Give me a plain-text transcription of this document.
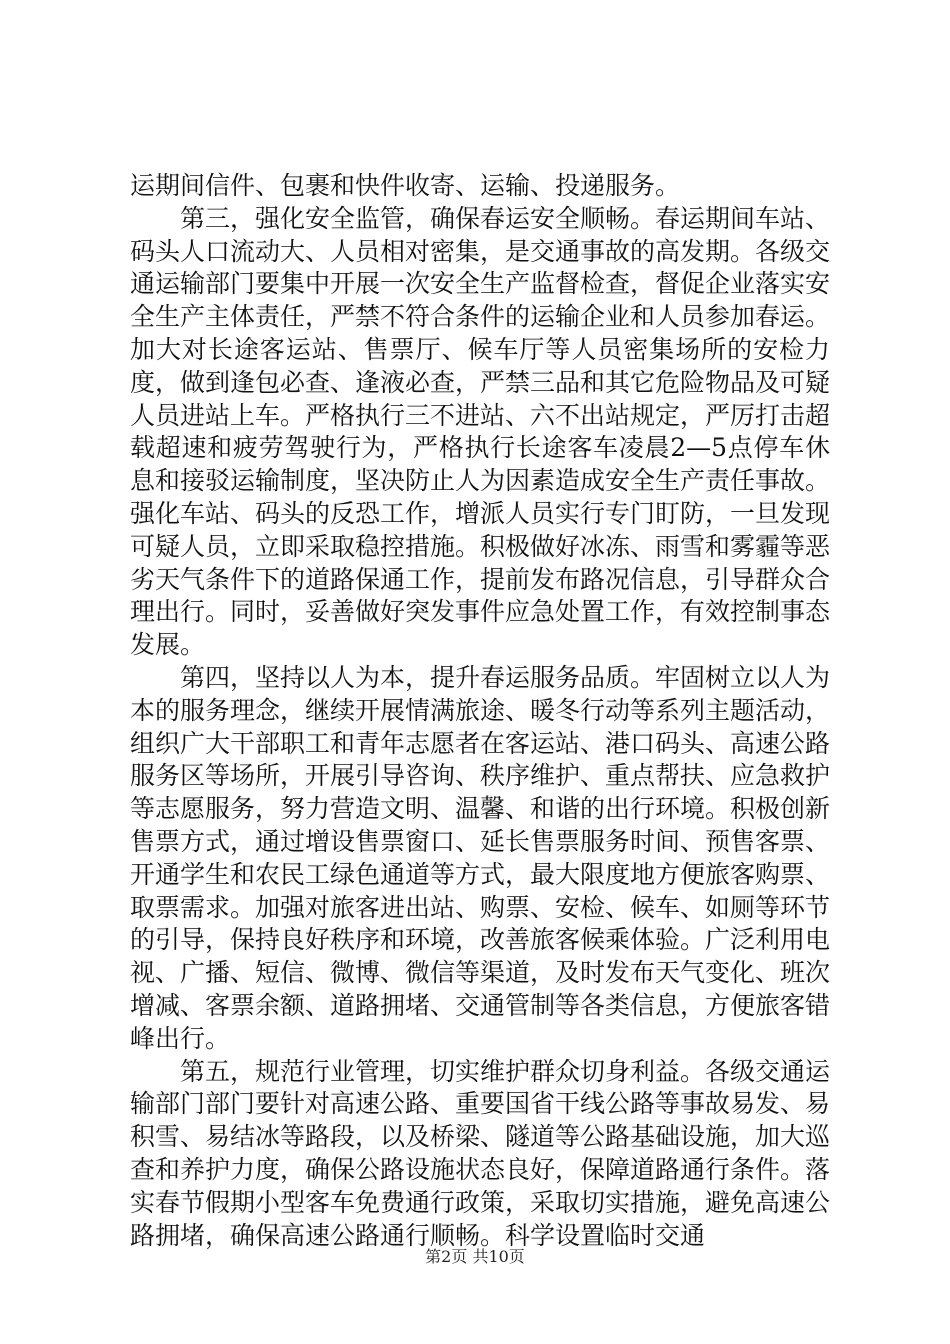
运期间信件、包裹和快件收寄、运输、投递服务。

第三，强化安全监管，确保春运安全顺畅。春运期间车站、码头人口流动大、人员相对密集，是交通事故的高发期。各级交通运输部门要集中开展一次安全生产监督检查，督促企业落实安全生产主体责任，严禁不符合条件的运输企业和人员参加春运。加大对长途客运站、售票厅、候车厅等人员密集场所的安检力度，做到逢包必查、逢液必查，严禁三品和其它危险物品及可疑人员进站上车。严格执行三不进站、六不出站规定，严厉打击超载超速和疲劳驾驶行为，严格执行长途客车凌晨2—5点停车休息和接驳运输制度，坚决防止人为因素造成安全生产责任事故。强化车站、码头的反恐工作，增派人员实行专门盯防，一旦发现可疑人员，立即采取稳控措施。积极做好冰冻、雨雪和雾霾等恶劣天气条件下的道路保通工作，提前发布路况信息，引导群众合理出行。同时，妥善做好突发事件应急处置工作，有效控制事态发展。

第四，坚持以人为本，提升春运服务品质。牢固树立以人为本的服务理念，继续开展情满旅途、暖冬行动等系列主题活动，组织广大干部职工和青年志愿者在客运站、港口码头、高速公路服务区等场所，开展引导咨询、秩序维护、重点帮扶、应急救护等志愿服务，努力营造文明、温馨、和谐的出行环境。积极创新售票方式，通过增设售票窗口、延长售票服务时间、预售客票、开通学生和农民工绿色通道等方式，最大限度地方便旅客购票、取票需求。加强对旅客进出站、购票、安检、候车、如厕等环节的引导，保持良好秩序和环境，改善旅客候乘体验。广泛利用电视、广播、短信、微博、微信等渠道，及时发布天气变化、班次增减、客票余额、道路拥堵、交通管制等各类信息，方便旅客错峰出行。

第五，规范行业管理，切实维护群众切身利益。各级交通运输部门部门要针对高速公路、重要国省干线公路等事故易发、易积雪、易结冰等路段，以及桥梁、隧道等公路基础设施，加大巡查和养护力度，确保公路设施状态良好，保障道路通行条件。落实春节假期小型客车免费通行政策，采取切实措施，避免高速公路拥堵，确保高速公路通行顺畅。科学设置临时交通

第2页 共10页
